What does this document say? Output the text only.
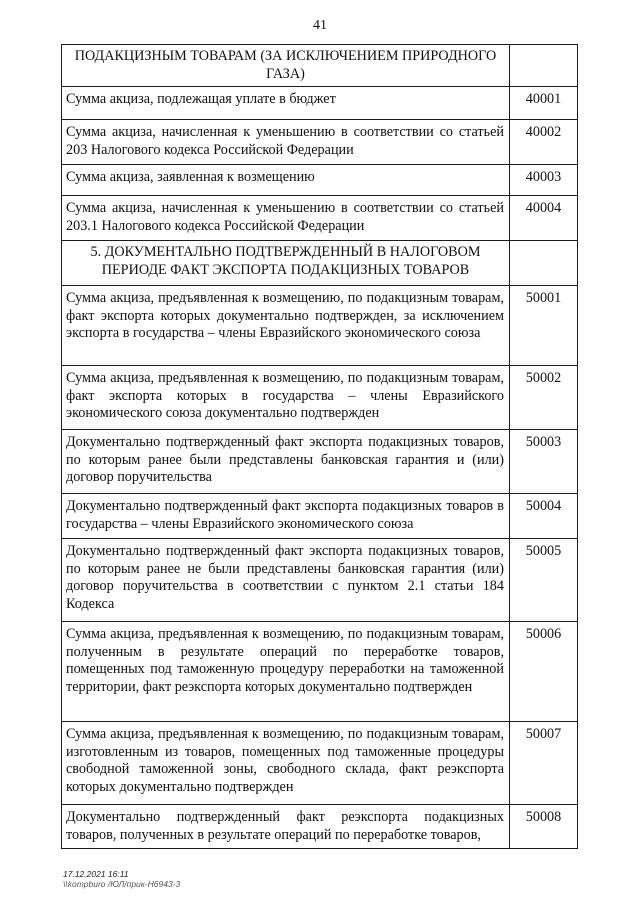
41
ПОДАКЦИЗНЫМ ТОВАРАМ (ЗА ИСКЛЮЧЕНИЕМ ПРИРОДНОГО ГАЗА)	
Сумма акциза, подлежащая уплате в бюджет	40001
Сумма акциза, начисленная к уменьшению в соответствии со статьей 203 Налогового кодекса Российской Федерации	40002
Сумма акциза, заявленная к возмещению	40003
Сумма акциза, начисленная к уменьшению в соответствии со статьей 203.1 Налогового кодекса Российской Федерации	40004
5. ДОКУМЕНТАЛЬНО ПОДТВЕРЖДЕННЫЙ В НАЛОГОВОМ ПЕРИОДЕ ФАКТ ЭКСПОРТА ПОДАКЦИЗНЫХ ТОВАРОВ	
Сумма акциза, предъявленная к возмещению, по подакцизным товарам, факт экспорта которых документально подтвержден, за исключением экспорта в государства – члены Евразийского экономического союза	50001
Сумма акциза, предъявленная к возмещению, по подакцизным товарам, факт экспорта которых в государства – члены Евразийского экономического союза документально подтвержден	50002
Документально подтвержденный факт экспорта подакцизных товаров, по которым ранее были представлены банковская гарантия и (или) договор поручительства	50003
Документально подтвержденный факт экспорта подакцизных товаров в государства – члены Евразийского экономического союза	50004
Документально подтвержденный факт экспорта подакцизных товаров, по которым ранее не были представлены банковская гарантия (или) договор поручительства в соответствии с пунктом 2.1 статьи 184 Кодекса	50005
Сумма акциза, предъявленная к возмещению, по подакцизным товарам, полученным в результате операций по переработке товаров, помещенных под таможенную процедуру переработки на таможенной территории, факт реэкспорта которых документально подтвержден	50006
Сумма акциза, предъявленная к возмещению, по подакцизным товарам, изготовленным из товаров, помещенных под таможенные процедуры свободной таможенной зоны, свободного склада, факт реэкспорта которых документально подтвержден	50007
Документально подтвержденный факт реэкспорта подакцизных товаров, полученных в результате операций по переработке товаров,	50008
17.12.2021 16:11
\\kompburo /ЮЛ/прик-Н6943-3
